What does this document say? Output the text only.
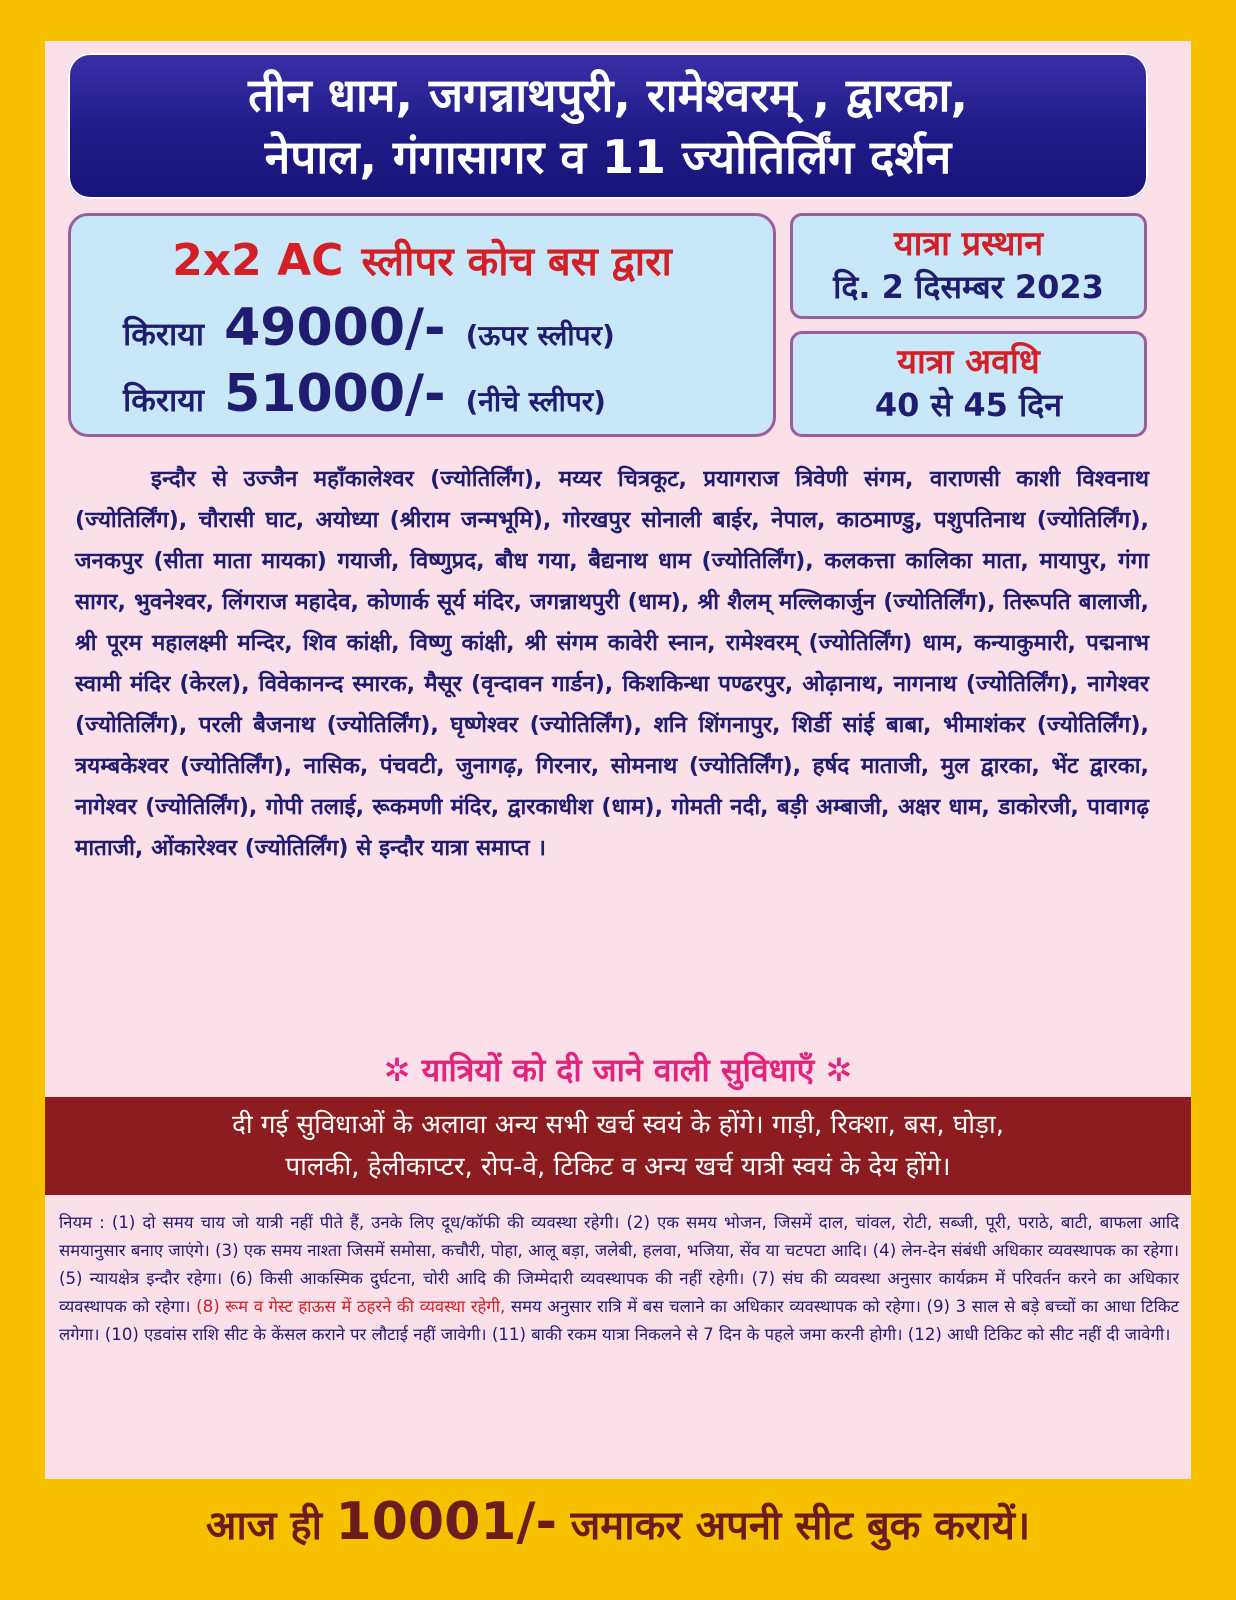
तीन धाम, जगन्नाथपुरी, रामेश्वरम् , द्वारका,
नेपाल, गंगासागर व 11 ज्योतिर्लिंग दर्शन
2x2 AC स्लीपर कोच बस द्वारा
किराया 49000/- (ऊपर स्लीपर)
किराया 51000/- (नीचे स्लीपर)
यात्रा प्रस्थान
दि. 2 दिसम्बर 2023
यात्रा अवधि
40 से 45 दिन
इन्दौर से उज्जैन महाँकालेश्वर (ज्योतिर्लिंग), मय्यर चित्रकूट, प्रयागराज त्रिवेणी संगम, वाराणसी काशी विश्वनाथ (ज्योतिर्लिंग), चौरासी घाट, अयोध्या (श्रीराम जन्मभूमि), गोरखपुर सोनाली बाईर, नेपाल, काठमाण्डु, पशुपतिनाथ (ज्योतिर्लिंग), जनकपुर (सीता माता मायका) गयाजी, विष्णुप्रद, बौध गया, बैद्यनाथ धाम (ज्योतिर्लिंग), कलकत्ता कालिका माता, मायापुर, गंगा सागर, भुवनेश्वर, लिंगराज महादेव, कोणार्क सूर्य मंदिर, जगन्नाथपुरी (धाम), श्री शैलम् मल्लिकार्जुन (ज्योतिर्लिंग), तिरूपति बालाजी, श्री पूरम महालक्ष्मी मन्दिर, शिव कांक्षी, विष्णु कांक्षी, श्री संगम कावेरी स्नान, रामेश्वरम् (ज्योतिर्लिंग) धाम, कन्याकुमारी, पद्मनाभ स्वामी मंदिर (केरल), विवेकानन्द स्मारक, मैसूर (वृन्दावन गार्डन), किशकिन्धा पण्ढरपुर, ओढ़ानाथ, नागनाथ (ज्योतिर्लिंग), नागेश्वर (ज्योतिर्लिंग), परली बैजनाथ (ज्योतिर्लिंग), घृष्णेश्वर (ज्योतिर्लिंग), शनि शिंगनापुर, शिर्डी सांई बाबा, भीमाशंकर (ज्योतिर्लिंग), त्रयम्बकेश्वर (ज्योतिर्लिंग), नासिक, पंचवटी, जुनागढ़, गिरनार, सोमनाथ (ज्योतिर्लिंग), हर्षद माताजी, मुल द्वारका, भेंट द्वारका, नागेश्वर (ज्योतिर्लिंग), गोपी तलाई, रूकमणी मंदिर, द्वारकाधीश (धाम), गोमती नदी, बड़ी अम्बाजी, अक्षर धाम, डाकोरजी, पावागढ़ माताजी, ओंकारेश्वर (ज्योतिर्लिंग) से इन्दौर यात्रा समाप्त ।
✲ यात्रियों को दी जाने वाली सुविधाएँ ✲
दी गई सुविधाओं के अलावा अन्य सभी खर्च स्वयं के होंगे। गाड़ी, रिक्शा, बस, घोड़ा,
पालकी, हेलीकाप्टर, रोप-वे, टिकिट व अन्य खर्च यात्री स्वयं के देय होंगे।
नियम : (1) दो समय चाय जो यात्री नहीं पीते हैं, उनके लिए दूध/कॉफी की व्यवस्था रहेगी। (2) एक समय भोजन, जिसमें दाल, चांवल, रोटी, सब्जी, पूरी, पराठे, बाटी, बाफला आदि समयानुसार बनाए जाएंगे। (3) एक समय नाश्ता जिसमें समोसा, कचौरी, पोहा, आलू बड़ा, जलेबी, हलवा, भजिया, सेंव या चटपटा आदि। (4) लेन-देन संबंधी अधिकार व्यवस्थापक का रहेगा। (5) न्यायक्षेत्र इन्दौर रहेगा। (6) किसी आकस्मिक दुर्घटना, चोरी आदि की जिम्मेदारी व्यवस्थापक की नहीं रहेगी। (7) संघ की व्यवस्था अनुसार कार्यक्रम में परिवर्तन करने का अधिकार व्यवस्थापक को रहेगा। (8) रूम व गेस्ट हाऊस में ठहरने की व्यवस्था रहेगी, समय अनुसार रात्रि में बस चलाने का अधिकार व्यवस्थापक को रहेगा। (9) 3 साल से बड़े बच्चों का आधा टिकिट लगेगा। (10) एडवांस राशि सीट के केंसल कराने पर लौटाई नहीं जावेगी। (11) बाकी रकम यात्रा निकलने से 7 दिन के पहले जमा करनी होगी। (12) आधी टिकिट को सीट नहीं दी जावेगी।
आज ही 10001/- जमाकर अपनी सीट बुक करायें।
